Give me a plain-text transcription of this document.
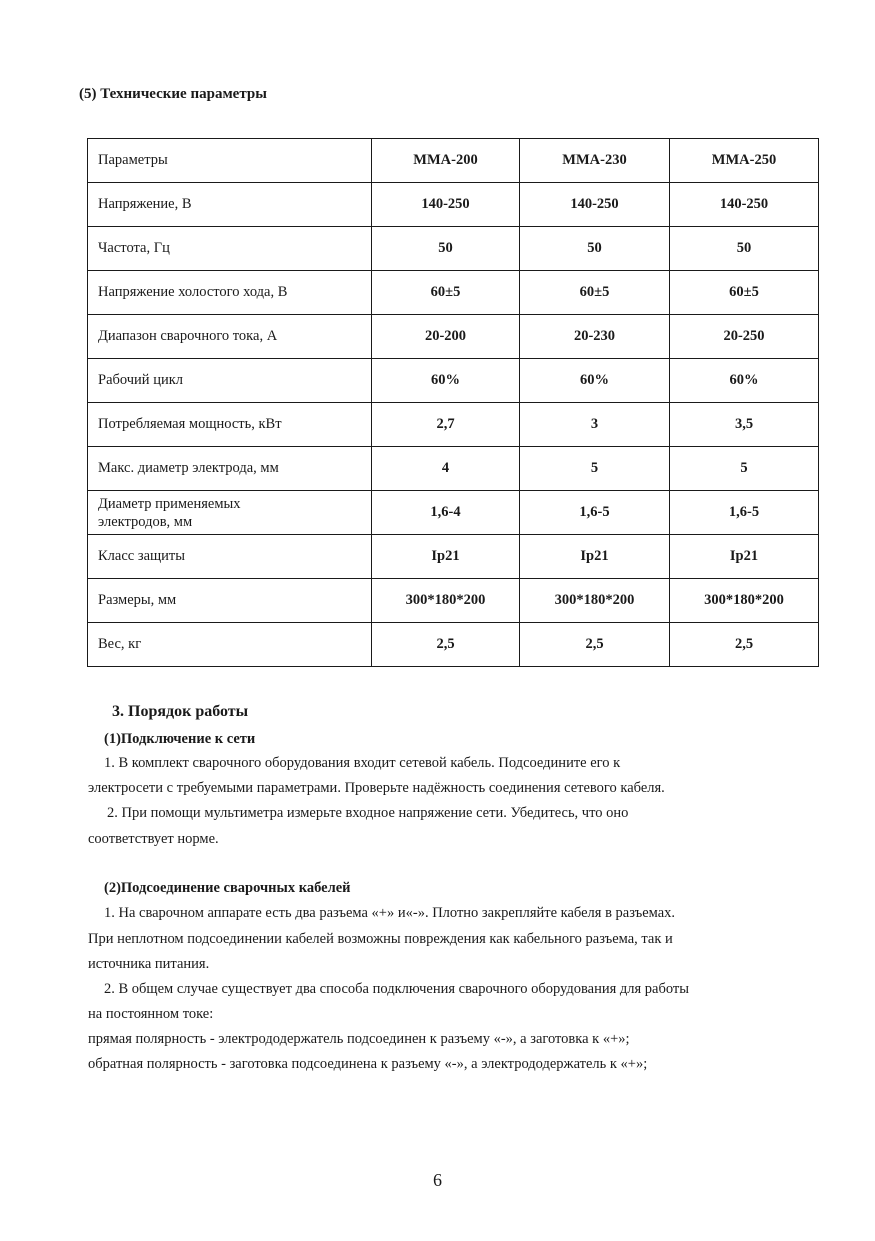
(5) Технические параметры
Параметры	ММА-200	ММА-230	ММА-250
Напряжение, В	140-250	140-250	140-250
Частота, Гц	50	50	50
Напряжение холостого хода, В	60±5	60±5	60±5
Диапазон сварочного тока, А	20-200	20-230	20-250
Рабочий цикл	60%	60%	60%
Потребляемая мощность, кВт	2,7	3	3,5
Макс. диаметр электрода, мм	4	5	5

Диаметр применяемых
электродов, мм	1,6-4	1,6-5	1,6-5
Класс защиты	Ip21	Ip21	Ip21
Размеры, мм	300*180*200	300*180*200	300*180*200
Вес, кг	2,5	2,5	2,5
3. Порядок работы
(1)Подключение к сети
1. В комплект сварочного оборудования входит сетевой кабель. Подсоедините его к
электросети с требуемыми параметрами. Проверьте надёжность соединения сетевого кабеля.
2. При помощи мультиметра измерьте входное напряжение сети. Убедитесь, что оно
соответствует норме.
(2)Подсоединение сварочных кабелей
1. На сварочном аппарате есть два разъема «+» и«-». Плотно закрепляйте кабеля в разъемах.
При неплотном подсоединении кабелей возможны повреждения как кабельного разъема, так и
источника питания.
2. В общем случае существует два способа подключения сварочного оборудования для работы
на постоянном токе:
прямая полярность - электрододержатель подсоединен к разъему «-», а заготовка к «+»;
обратная полярность - заготовка подсоединена к разъему «-», а электрододержатель к «+»;
6
